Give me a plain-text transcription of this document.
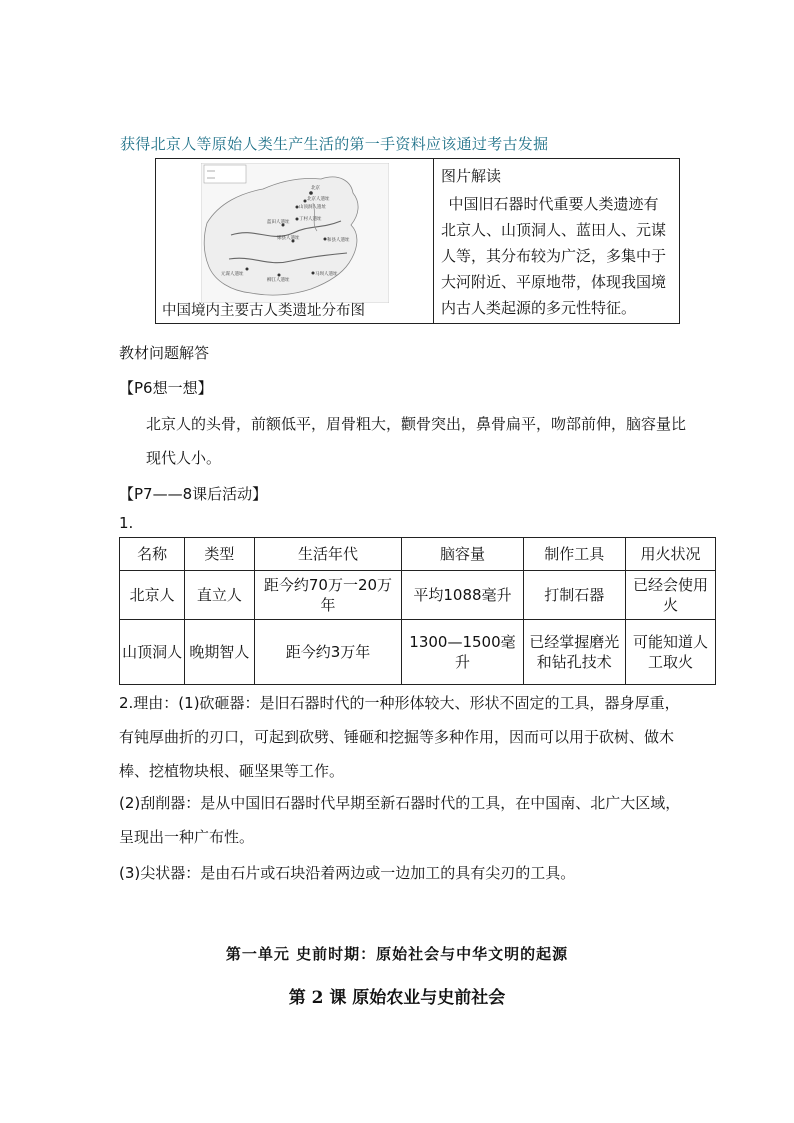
获得北京人等原始人类生产生活的第一手资料应该通过考古发掘
北京
北京人遗址
山顶洞人遗址
丁村人遗址
蓝田人遗址
郧县人遗址	和县人遗址
元谋人遗址	马坝人遗址
柳江人遗址
中国境内主要古人类遗址分布图
图片解读
中国旧石器时代重要人类遗迹有北京人、山顶洞人、蓝田人、元谋人等，其分布较为广泛，多集中于大河附近、平原地带，体现我国境内古人类起源的多元性特征。
教材问题解答
【P6想一想】
北京人的头骨，前额低平，眉骨粗大，颧骨突出，鼻骨扁平，吻部前伸，脑容量比现代人小。
【P7——8课后活动】
1.
名称	类型	生活年代	脑容量	制作工具	用火状况
北京人	直立人	距今约70万一20万年	平均1088毫升	打制石器	已经会使用火
山顶洞人	晚期智人	距今约3万年	1300—1500毫升	已经掌握磨光和钻孔技术	可能知道人工取火
2.理由：(1)砍砸器：是旧石器时代的一种形体较大、形状不固定的工具，器身厚重，有钝厚曲折的刃口，可起到砍劈、锤砸和挖掘等多种作用，因而可以用于砍树、做木棒、挖植物块根、砸坚果等工作。
(2)刮削器：是从中国旧石器时代早期至新石器时代的工具，在中国南、北广大区域，呈现出一种广布性。
(3)尖状器：是由石片或石块沿着两边或一边加工的具有尖刃的工具。
第一单元 史前时期：原始社会与中华文明的起源
第 2 课 原始农业与史前社会
